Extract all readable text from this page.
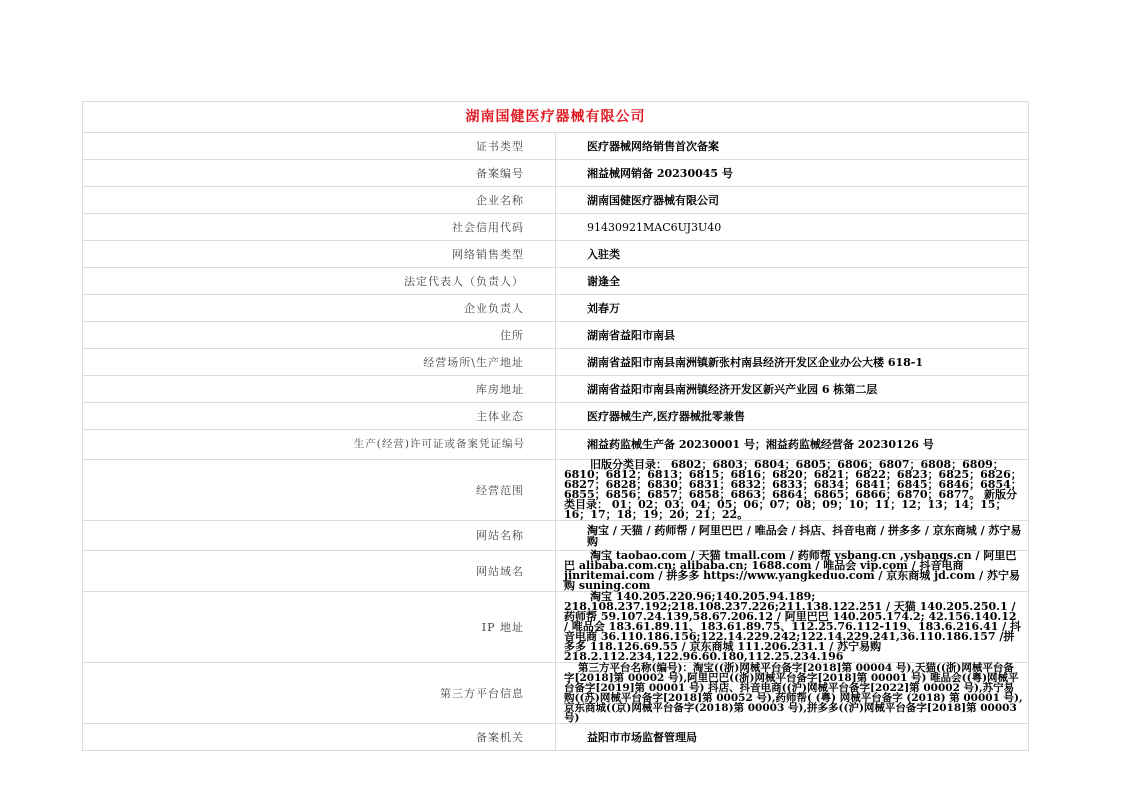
湖南国健医疗器械有限公司	
证书类型	医疗器械网络销售首次备案
备案编号	湘益械网销备 20230045 号
企业名称	湖南国健医疗器械有限公司
社会信用代码	91430921MAC6UJ3U40
网络销售类型	入驻类
法定代表人（负责人）	谢逢全
企业负责人	刘春万
住所	湖南省益阳市南县
经营场所\生产地址	湖南省益阳市南县南洲镇新张村南县经济开发区企业办公大楼 618-1
库房地址	湖南省益阳市南县南洲镇经济开发区新兴产业园 6 栋第二层
主体业态	医疗器械生产,医疗器械批零兼售
生产(经营)许可证或备案凭证编号	湘益药监械生产备 20230001 号；湘益药监械经营备 20230126 号
经营范围	旧版分类目录： 6802；6803；6804；6805；6806；6807；6808；6809；6810；6812；6813；6815；6816；6820；6821；6822；6823；6825；6826；6827；6828；6830；6831；6832；6833；6834；6841；6845；6846；6854；6855；6856；6857；6858；6863；6864；6865；6866；6870；6877。 新版分类目录： 01；02；03；04；05；06；07；08；09；10；11；12；13；14；15；16；17；18；19；20；21；22。

网站名称	淘宝 / 天猫 / 药师帮 / 阿里巴巴 / 唯品会 / 抖店、抖音电商 / 拼多多 / 京东商城 / 苏宁易购
网站域名	淘宝 taobao.com / 天猫 tmall.com / 药师帮 ysbang.cn ,ysbangs.cn / 阿里巴巴 alibaba.com.cn; alibaba.cn; 1688.com / 唯品会 vip.com / 抖音电商 jinritemai.com / 拼多多 https://www.yangkeduo.com / 京东商城 jd.com / 苏宁易购 suning.com

IP 地址	淘宝 140.205.220.96;140.205.94.189; 218.108.237.192;218.108.237.226;211.138.122.251 / 天猫 140.205.250.1 / 药师帮 59.107.24.139,58.67.206.12 / 阿里巴巴 140.205.174.2; 42.156.140.12 / 唯品会 183.61.89.11、183.61.89.75、112.25.76.112-119、183.6.216.41 / 抖音电商 36.110.186.156;122.14.229.242;122.14.229.241,36.110.186.157 /拼多多 118.126.69.55 / 京东商城 111.206.231.1 / 苏宁易购 218.2.112.234,122.96.60.180,112.25.234.196

第三方平台信息	第三方平台名称(编号)：淘宝((浙)网械平台备字[2018]第 00004 号),天猫((浙)网械平台备字[2018]第 00002 号),阿里巴巴((浙)网械平台备字[2018]第 00001 号) 唯品会((粤)网械平台备字[2019]第 00001 号) 抖店、抖音电商((沪)网械平台备字[2022]第 00002 号),苏宁易购((苏)网械平台备字[2018]第 00052 号),药师帮( (粤) 网械平台备字 (2018) 第 00001 号),京东商城((京)网械平台备字(2018)第 00003 号),拼多多((沪)网械平台备字[2018]第 00003 号)

备案机关	益阳市市场监督管理局
